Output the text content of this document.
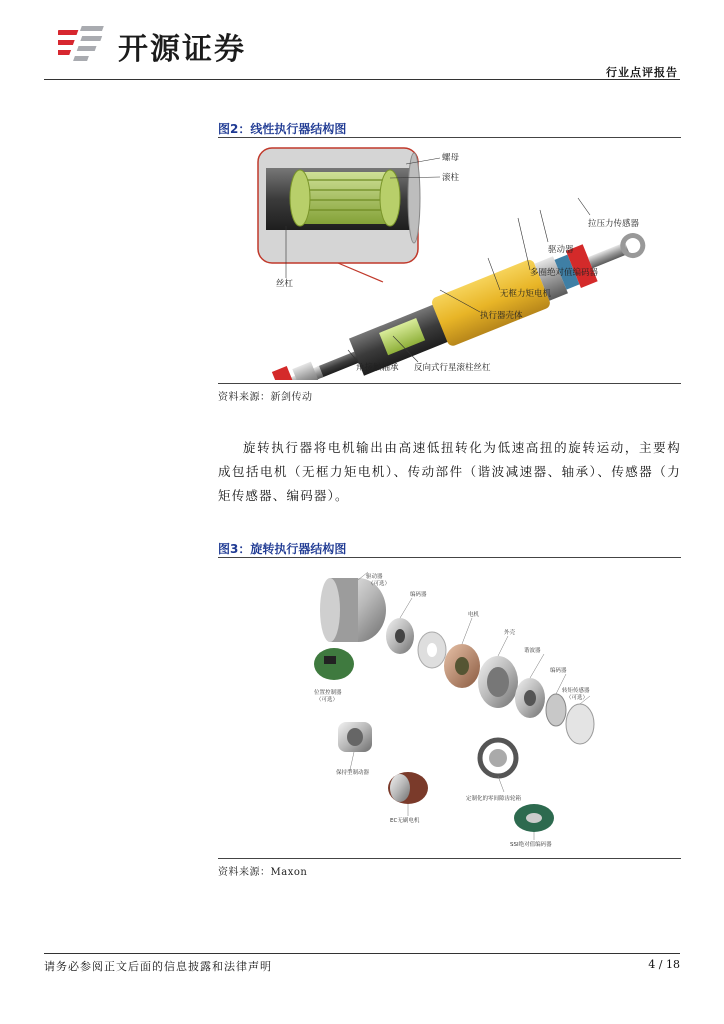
开源证券
行业点评报告
图2：线性执行器结构图
螺母
滚柱
拉压力传感器
驱动器
多圈绝对值编码器
无框力矩电机
丝杠
执行器壳体
角接触轴承 反向式行星滚柱丝杠
资料来源：新剑传动

旋转执行器将电机输出由高速低扭转化为低速高扭的旋转运动，主要构成包括电机（无框力矩电机）、传动部件（谐波减速器、轴承）、传感器（力矩传感器、编码器）。

图3：旋转执行器结构图
驱动器
（可选）
编码器
电机
外壳
谐波器
编码器
转矩传感器
（可选）
位置控制器
（可选）
保持型制动器
定制化的零间隙齿轮箱
EC无刷电机
SSI绝对值编码器
资料来源：Maxon
请务必参阅正文后面的信息披露和法律声明	4 / 18
